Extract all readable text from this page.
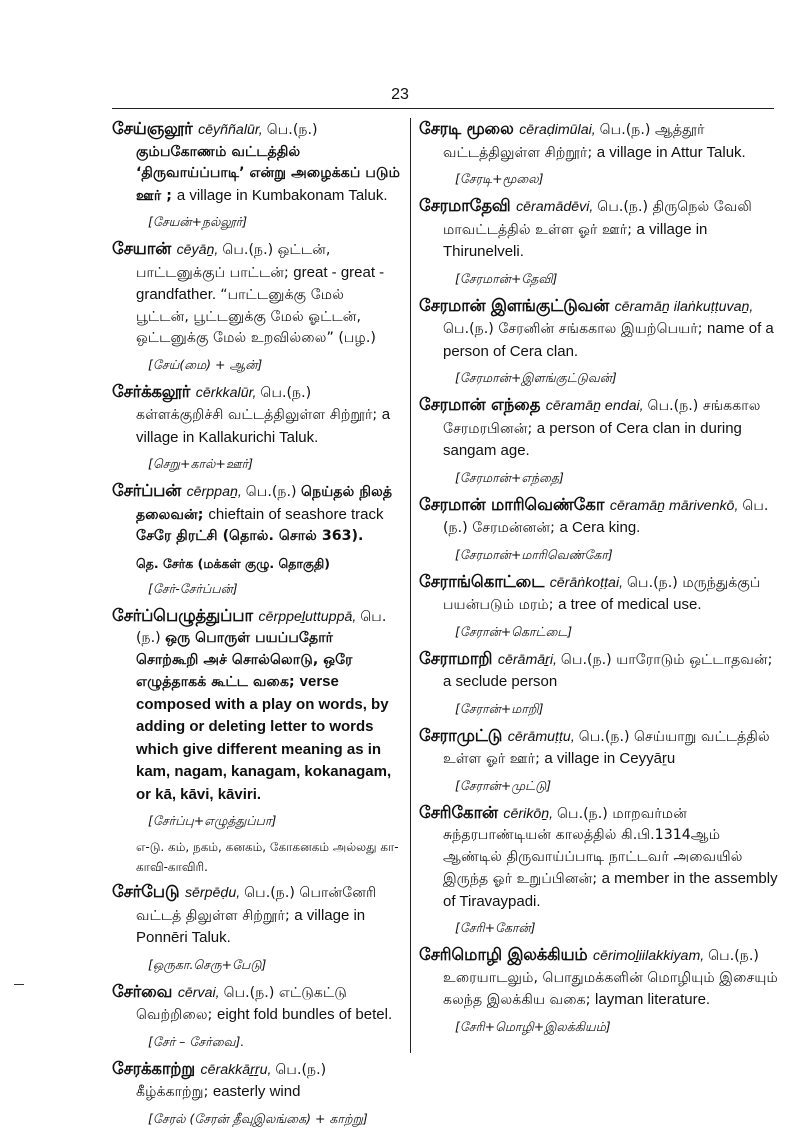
23
சேய்ஞலூர் cēyññalūr, பெ.(ந.) கும்பகோணம் வட்டத்தில் ‘திருவாய்ப்பாடி’ என்று அழைக்கப் படும் ஊர் ; a village in Kumbakonam Taluk.
[சேயன்+நல்லூர்]
சேயான் cēyāṉ, பெ.(ந.) ஒட்டன், பாட்டனுக்குப் பாட்டன்; great - great - grandfather. “பாட்டனுக்கு மேல் பூட்டன், பூட்டனுக்கு மேல் ஓட்டன், ஒட்டனுக்கு மேல் உறவில்லை” (பழ.)
[சேய்(மை) + ஆன்]
சேர்க்கலூர் cērkkalūr, பெ.(ந.) கள்ளக்குறிச்சி வட்டத்திலுள்ள சிற்றூர்; a village in Kallakurichi Taluk.
[செறு+கால்+ஊர்]
சேர்ப்பன் cērppaṉ, பெ.(ந.) நெய்தல் நிலத் தலைவன்; chieftain of seashore track சேரே திரட்சி (தொல். சொல் 363).
தெ. சேர்க (மக்கள் குழு. தொகுதி)
[சேர்-சேர்ப்பன்]
சேர்ப்பெழுத்துப்பா cērppeḻuttuppā, பெ.(ந.) ஒரு பொருள் பயப்பதோர் சொற்கூறி அச் சொல்லொடு, ஒரே எழுத்தாகக் கூட்ட வகை; verse composed with a play on words, by adding or deleting letter to words which give different meaning as in kam, nagam, kanagam, kokanagam, or kā, kāvi, kāviri.
[சேர்ப்பு+எழுத்துப்பா]
எ-டு. கம், நகம், கனகம், கோகனகம் அல்லது கா-காவி-காவிரி.
சேர்பேடு sērpēḍu, பெ.(ந.) பொன்னேரி வட்டத் திலுள்ள சிற்றூர்; a village in Ponnēri Taluk.
[ஒருகா.செரு+பேடு]
சேர்வை cērvai, பெ.(ந.) எட்டுகட்டு வெற்றிலை; eight fold bundles of betel.
[சேர் – சேர்வை].
சேரக்காற்று cērakkāṟṟu, பெ.(ந.) கீழ்க்காற்று; easterly wind
[சேரல் (சேரன் தீவுஇலங்கை) + காற்று]
சேரடி மூலை cēraḍimūlai, பெ.(ந.) ஆத்தூர் வட்டத்திலுள்ள சிற்றூர்; a village in Attur Taluk.
[சேரடி+மூலை]
சேரமாதேவி cēramādēvi, பெ.(ந.) திருநெல் வேலி மாவட்டத்தில் உள்ள ஓர் ஊர்; a village in Thirunelveli.
[சேரமான்+தேவி]
சேரமான் இளங்குட்டுவன் cēramāṉ ilaṅkuṭṭuvaṉ, பெ.(ந.) சேரனின் சங்ககால இயற்பெயர்; name of a person of Cera clan.
[சேரமான்+இளங்குட்டுவன்]
சேரமான் எந்தை cēramāṉ endai, பெ.(ந.) சங்ககால சேரமரபினன்; a person of Cera clan in during sangam age.
[சேரமான்+எந்தை]
சேரமான் மாரிவெண்கோ cēramāṉ mārivenkō, பெ.(ந.) சேரமன்னன்; a Cera king.
[சேரமான்+மாரிவெண்கோ]
சேராங்கொட்டை cērāṅkoṭṭai, பெ.(ந.) மருந்துக்குப் பயன்படும் மரம்; a tree of medical use.
[சேரான்+கொட்டை]
சேராமாறி cērāmāṟi, பெ.(ந.) யாரோடும் ஒட்டாதவன்; a seclude person
[சேரான்+மாறி]
சேராமுட்டு cērāmuṭṭu, பெ.(ந.) செய்யாறு வட்டத்தில் உள்ள ஓர் ஊர்; a village in Ceyyāṟu
[சேரான்+முட்டு]
சேரிகோன் cērikōṉ, பெ.(ந.) மாறவர்மன் சுந்தரபாண்டியன் காலத்தில் கி.பி.1314ஆம் ஆண்டில் திருவாய்ப்பாடி நாட்டவர் அவையில் இருந்த ஓர் உறுப்பினன்; a member in the assembly of Tiravaypadi.
[சேரி+கோன்]
சேரிமொழி இலக்கியம் cērimoḻiilakkiyam, பெ.(ந.) உரையாடலும், பொதுமக்களின் மொழியும் இசையும் கலந்த இலக்கிய வகை; layman literature.
[சேரி+மொழி+இலக்கியம்]
